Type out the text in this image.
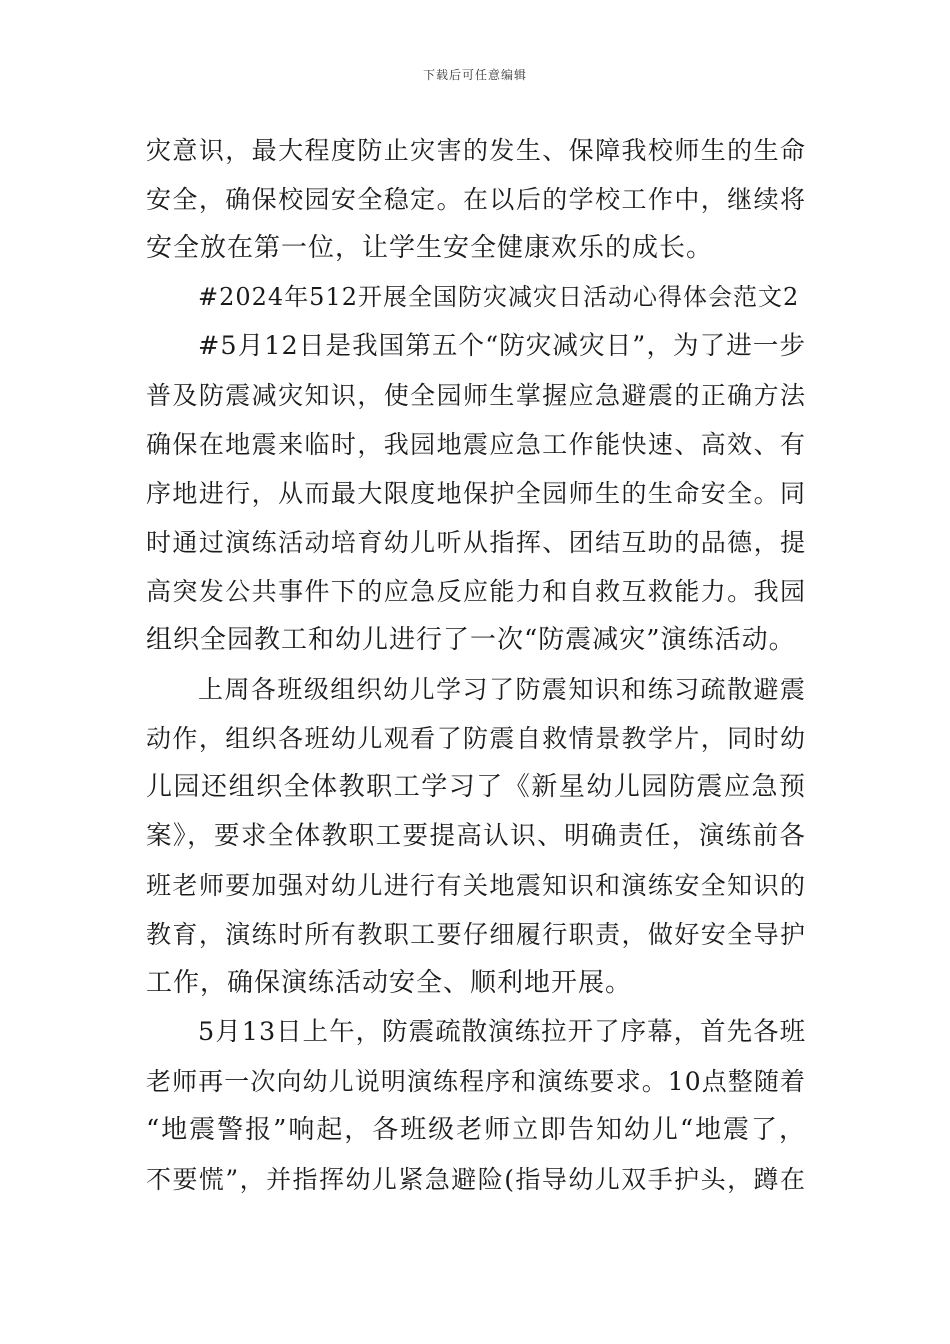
下载后可任意编辑
灾意识，最大程度防止灾害的发生、保障我校师生的生命
安全，确保校园安全稳定。在以后的学校工作中，继续将
安全放在第一位，让学生安全健康欢乐的成长。
#2024年512开展全国防灾减灾日活动心得体会范文2
#5月12日是我国第五个“防灾减灾日”，为了进一步
普及防震减灾知识，使全园师生掌握应急避震的正确方法
确保在地震来临时，我园地震应急工作能快速、高效、有
序地进行，从而最大限度地保护全园师生的生命安全。同
时通过演练活动培育幼儿听从指挥、团结互助的品德，提
高突发公共事件下的应急反应能力和自救互救能力。我园
组织全园教工和幼儿进行了一次“防震减灾”演练活动。
上周各班级组织幼儿学习了防震知识和练习疏散避震
动作，组织各班幼儿观看了防震自救情景教学片，同时幼
儿园还组织全体教职工学习了《新星幼儿园防震应急预
案》，要求全体教职工要提高认识、明确责任，演练前各
班老师要加强对幼儿进行有关地震知识和演练安全知识的
教育，演练时所有教职工要仔细履行职责，做好安全导护
工作，确保演练活动安全、顺利地开展。
5月13日上午，防震疏散演练拉开了序幕，首先各班
老师再一次向幼儿说明演练程序和演练要求。10点整随着
“地震警报”响起，各班级老师立即告知幼儿“地震了，
不要慌”，并指挥幼儿紧急避险(指导幼儿双手护头，蹲在
